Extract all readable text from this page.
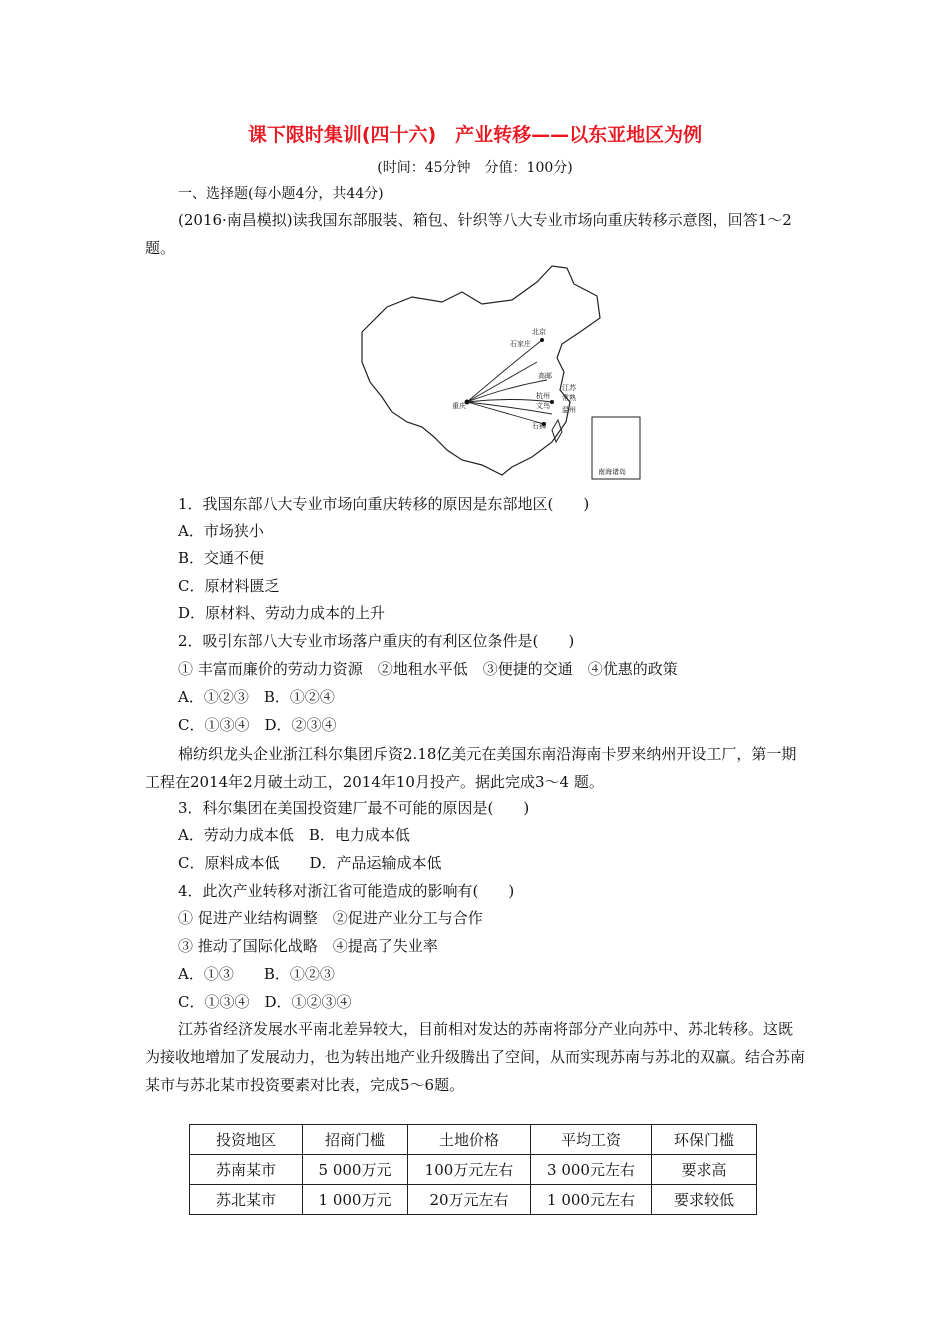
课下限时集训(四十六)　产业转移——以东亚地区为例
(时间：45分钟　分值：100分)
一、选择题(每小题4分，共44分)
(2016·南昌模拟)读我国东部服装、箱包、针织等八大专业市场向重庆转移示意图，回答1～2题。
北京
石家庄
高邮
江苏
常熟
杭州
文鸟 温州
重庆
石狮
南海诸岛
1．我国东部八大专业市场向重庆转移的原因是东部地区(　　)
A．市场狭小
B．交通不便
C．原材料匮乏
D．原材料、劳动力成本的上升
2．吸引东部八大专业市场落户重庆的有利区位条件是(　　)
① 丰富而廉价的劳动力资源　②地租水平低　③便捷的交通　④优惠的政策
A．①②③　B．①②④
C．①③④　D．②③④
棉纺织龙头企业浙江科尔集团斥资2.18亿美元在美国东南沿海南卡罗来纳州开设工厂，第一期工程在2014年2月破土动工，2014年10月投产。据此完成3～4 题。
3．科尔集团在美国投资建厂最不可能的原因是(　　)
A．劳动力成本低　B．电力成本低
C．原料成本低　　D．产品运输成本低
4．此次产业转移对浙江省可能造成的影响有(　　)
① 促进产业结构调整　②促进产业分工与合作
③ 推动了国际化战略　④提高了失业率
A．①③　　B．①②③
C．①③④　D．①②③④
江苏省经济发展水平南北差异较大，目前相对发达的苏南将部分产业向苏中、苏北转移。这既为接收地增加了发展动力，也为转出地产业升级腾出了空间，从而实现苏南与苏北的双赢。结合苏南某市与苏北某市投资要素对比表，完成5～6题。
投资地区	招商门槛	土地价格	平均工资	环保门槛
苏南某市	5 000万元	100万元左右	3 000元左右	要求高
苏北某市	1 000万元	20万元左右	1 000元左右	要求较低
